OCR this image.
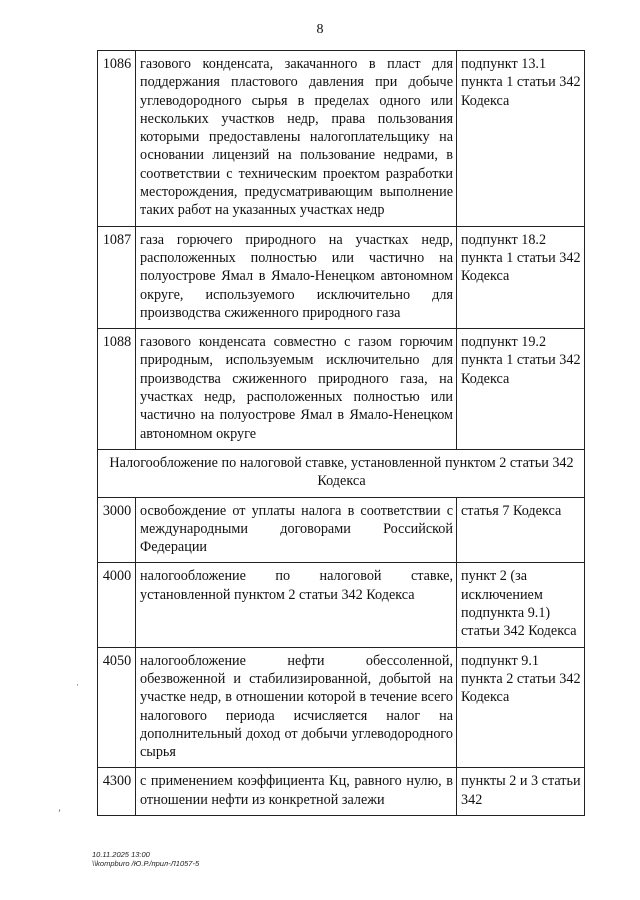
8
1086	газового конденсата, закачанного в пласт для поддержания пластового давления при добыче углеводородного сырья в пределах одного или нескольких участков недр, права пользования которыми предоставлены налогоплательщику на основании лицензий на пользование недрами, в соответствии с техническим проектом разработки месторождения, предусматривающим выполнение таких работ на указанных участках недр	подпункт 13.1 пункта 1 статьи 342 Кодекса
1087	газа горючего природного на участках недр, расположенных полностью или частично на полуострове Ямал в Ямало-Ненецком автономном округе, используемого исключительно для производства сжиженного природного газа	подпункт 18.2 пункта 1 статьи 342 Кодекса
1088	газового конденсата совместно с газом горючим природным, используемым исключительно для производства сжиженного природного газа, на участках недр, расположенных полностью или частично на полуострове Ямал в Ямало-Ненецком автономном округе	подпункт 19.2 пункта 1 статьи 342 Кодекса
Налогообложение по налоговой ставке, установленной пунктом 2 статьи 342 Кодекса		
3000	освобождение от уплаты налога в соответствии с международными договорами Российской Федерации	статья 7 Кодекса
4000	налогообложение по налоговой ставке, установленной пунктом 2 статьи 342 Кодекса	пункт 2 (за исключением подпункта 9.1) статьи 342 Кодекса
4050	налогообложение нефти обессоленной, обезвоженной и стабилизированной, добытой на участке недр, в отношении которой в течение всего налогового периода исчисляется налог на дополнительный доход от добычи углеводородного сырья	подпункт 9.1 пункта 2 статьи 342 Кодекса
4300	с применением коэффициента Кц, равного нулю, в отношении нефти из конкретной залежи	пункты 2 и 3 статьи 342
·
ʼ
10.11.2025 13:00
\\kompburo /Ю.Р./прил-Л1057-5
